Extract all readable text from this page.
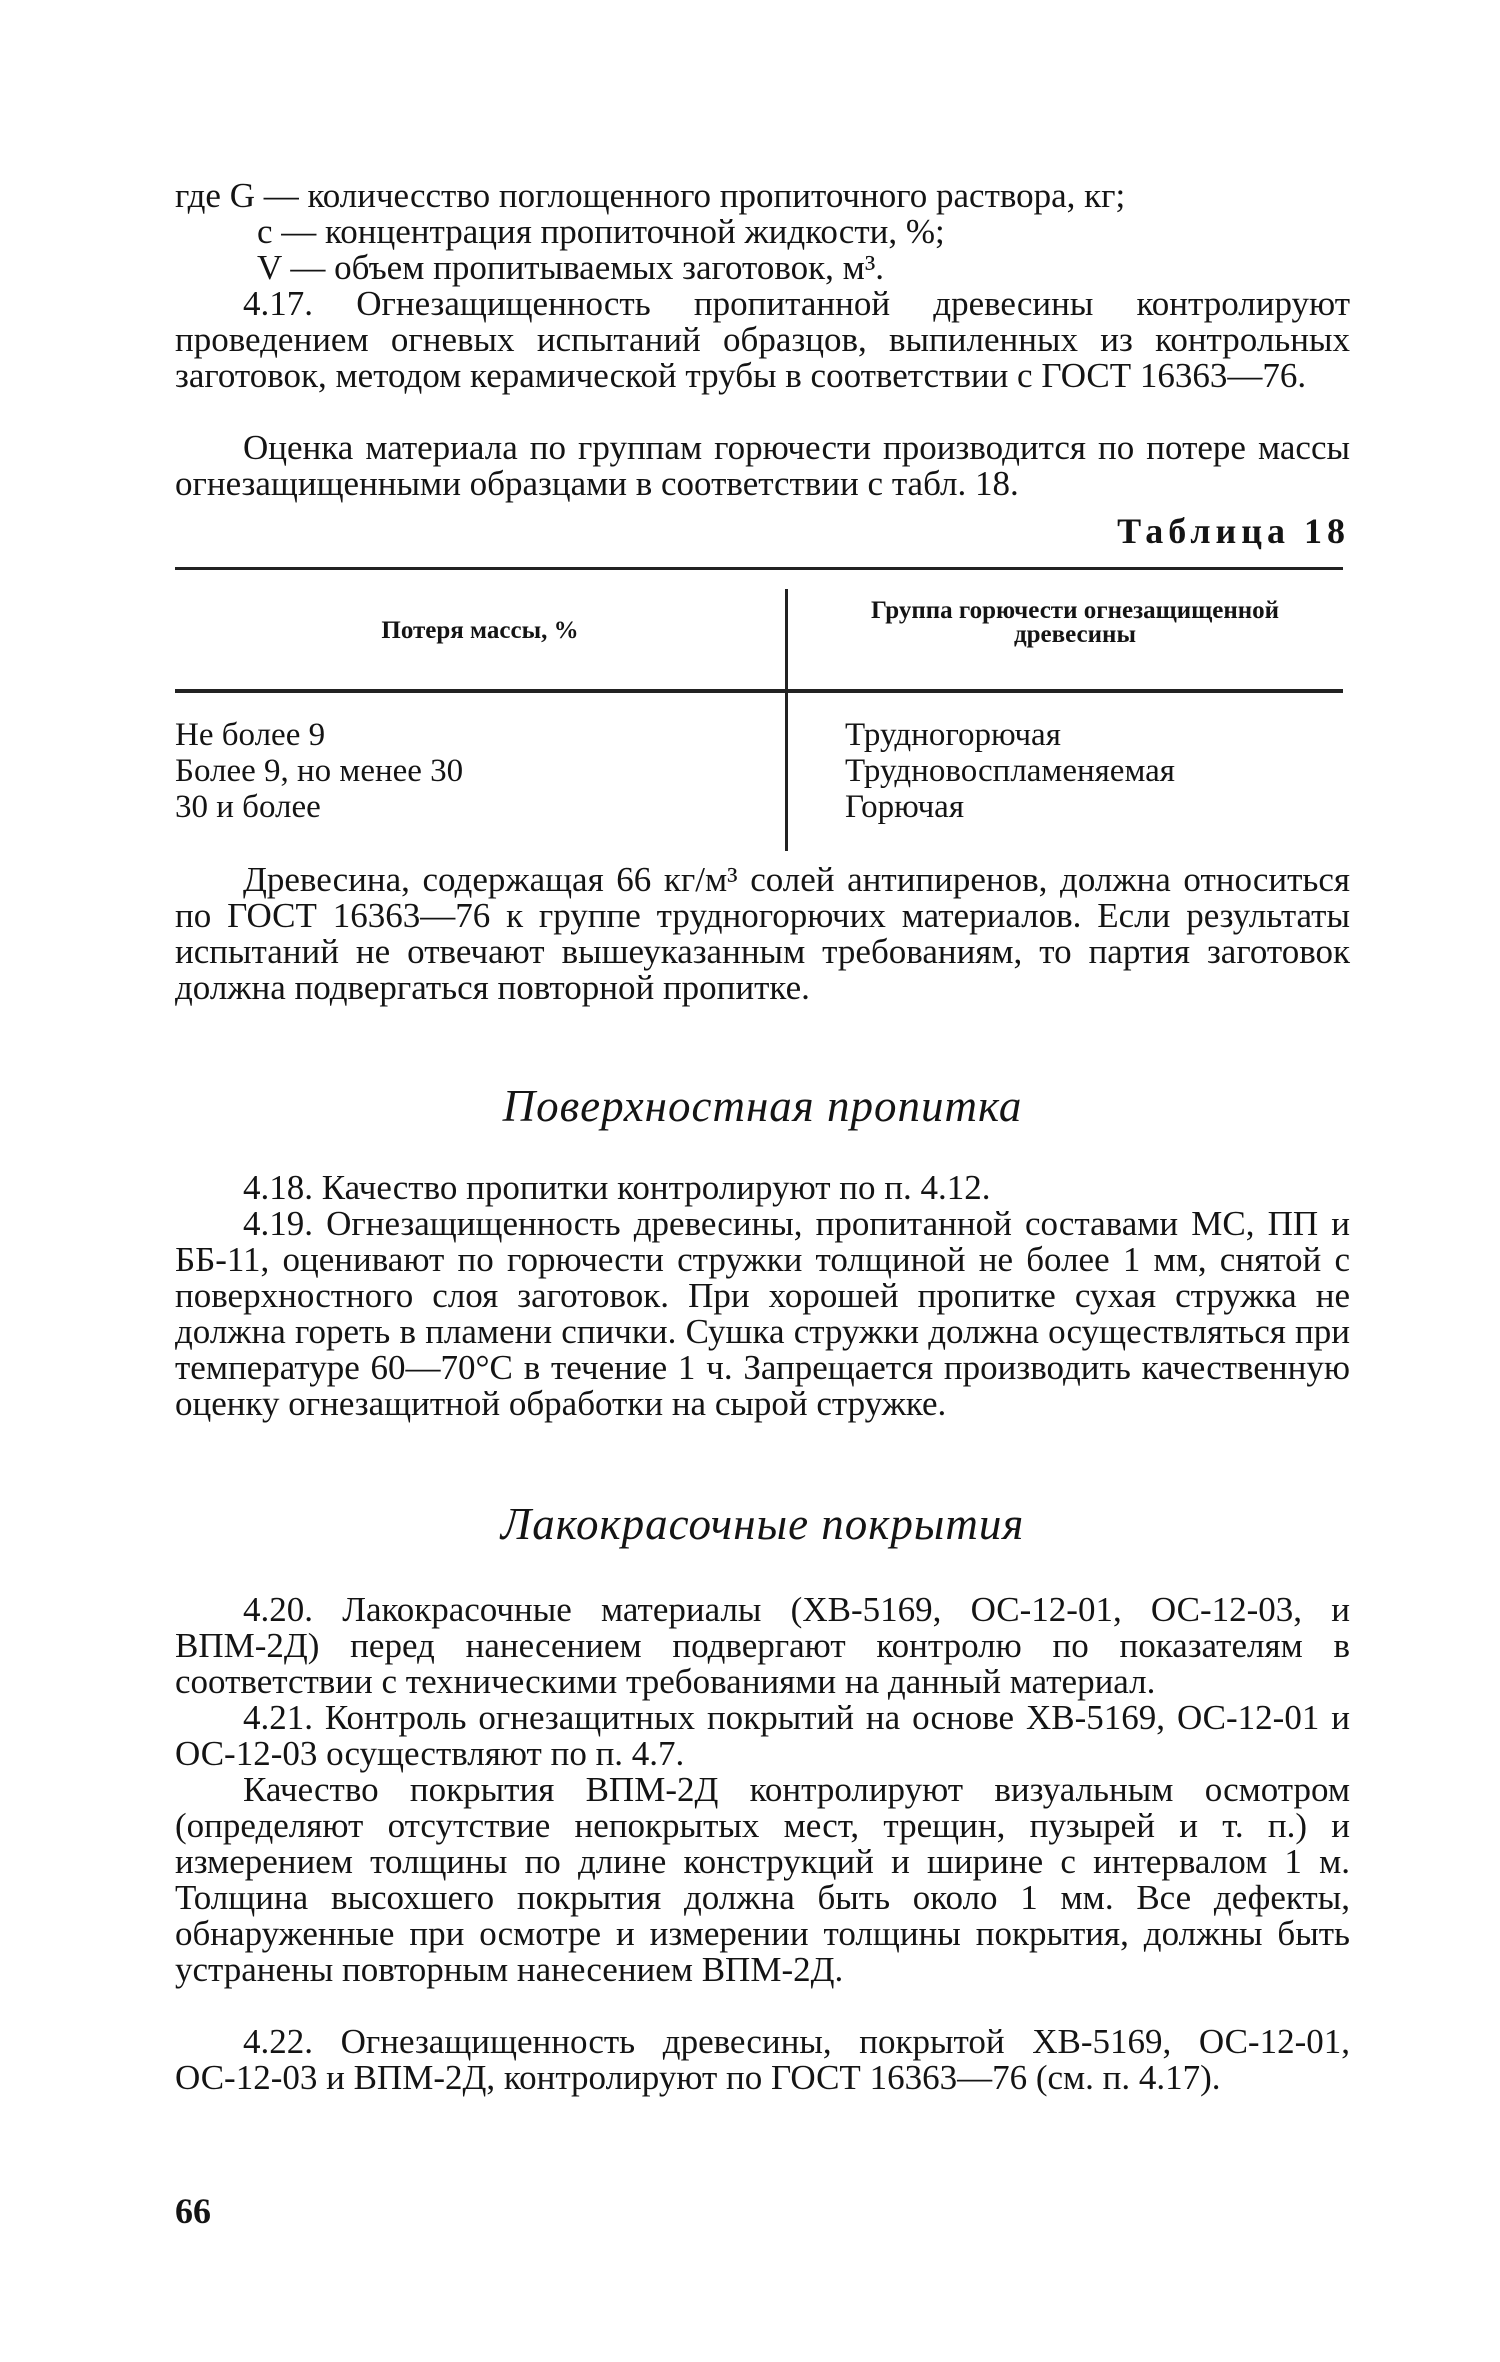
где G — количесство поглощенного пропиточного раствора, кг;

c — концентрация пропиточной жидкости, %;

V — объем пропитываемых заготовок, м³.

4.17. Огнезащищенность пропитанной древесины контролируют проведением огневых испытаний образцов, выпиленных из контрольных заготовок, методом керамической трубы в соответствии с ГОСТ 16363—76.

Оценка материала по группам горючести производится по потере массы огнезащищенными образцами в соответствии с табл. 18.

Таблица 18
Потеря массы, %
Группа горючести огнезащищенной древесины
Не более 9
Более 9, но менее 30
30 и более
Трудногорючая
Трудновоспламеняемая
Горючая

Древесина, содержащая 66 кг/м³ солей антипиренов, должна относиться по ГОСТ 16363—76 к группе трудногорючих материалов. Если результаты испытаний не отвечают вышеуказанным требованиям, то партия заготовок должна подвергаться повторной пропитке.

Поверхностная пропитка

4.18. Качество пропитки контролируют по п. 4.12.

4.19. Огнезащищенность древесины, пропитанной составами МС, ПП и ББ-11, оценивают по горючести стружки толщиной не более 1 мм, снятой с поверхностного слоя заготовок. При хорошей пропитке сухая стружка не должна гореть в пламени спички. Сушка стружки должна осуществляться при температуре 60—70°С в течение 1 ч. Запрещается производить качественную оценку огнезащитной обработки на сырой стружке.

Лакокрасочные покрытия

4.20. Лакокрасочные материалы (ХВ-5169, ОС-12-01, ОС-12-03, и ВПМ-2Д) перед нанесением подвергают контролю по показателям в соответствии с техническими требованиями на данный материал.

4.21. Контроль огнезащитных покрытий на основе ХВ-5169, ОС-12-01 и ОС-12-03 осуществляют по п. 4.7.

Качество покрытия ВПМ-2Д контролируют визуальным осмотром (определяют отсутствие непокрытых мест, трещин, пузырей и т. п.) и измерением толщины по длине конструкций и ширине с интервалом 1 м. Толщина высохшего покрытия должна быть около 1 мм. Все дефекты, обнаруженные при осмотре и измерении толщины покрытия, должны быть устранены повторным нанесением ВПМ-2Д.

4.22. Огнезащищенность древесины, покрытой ХВ-5169, ОС-12-01, ОС-12-03 и ВПМ-2Д, контролируют по ГОСТ 16363—76 (см. п. 4.17).

66
